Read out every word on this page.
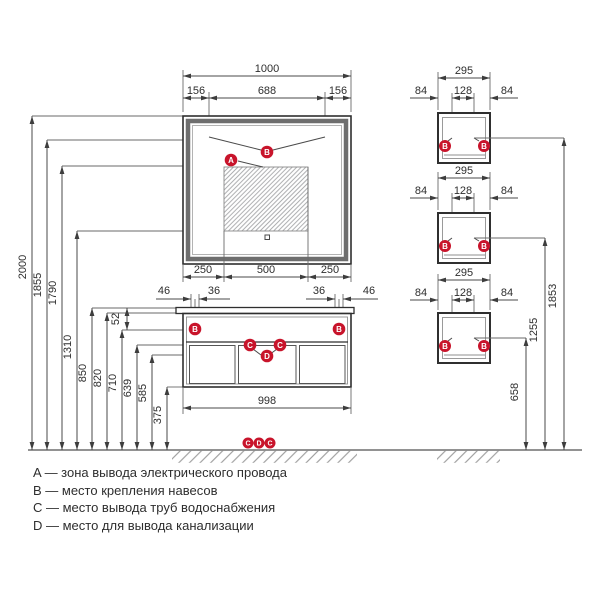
2000
1855 1790
1310
850 820 710 639 585
375
1000
156	688	156
A
B
250	500	250
46	36	36	46
52
B	B
C	C
D
998
C D C
295
84 128	84
B	B
295
84 128	84
B	B
295
84 128	84
B	B
658
1255
1853
A — зона вывода электрического провода
B — место крепления навесов
C — место вывода труб водоснабжения
D — место для вывода канализации
